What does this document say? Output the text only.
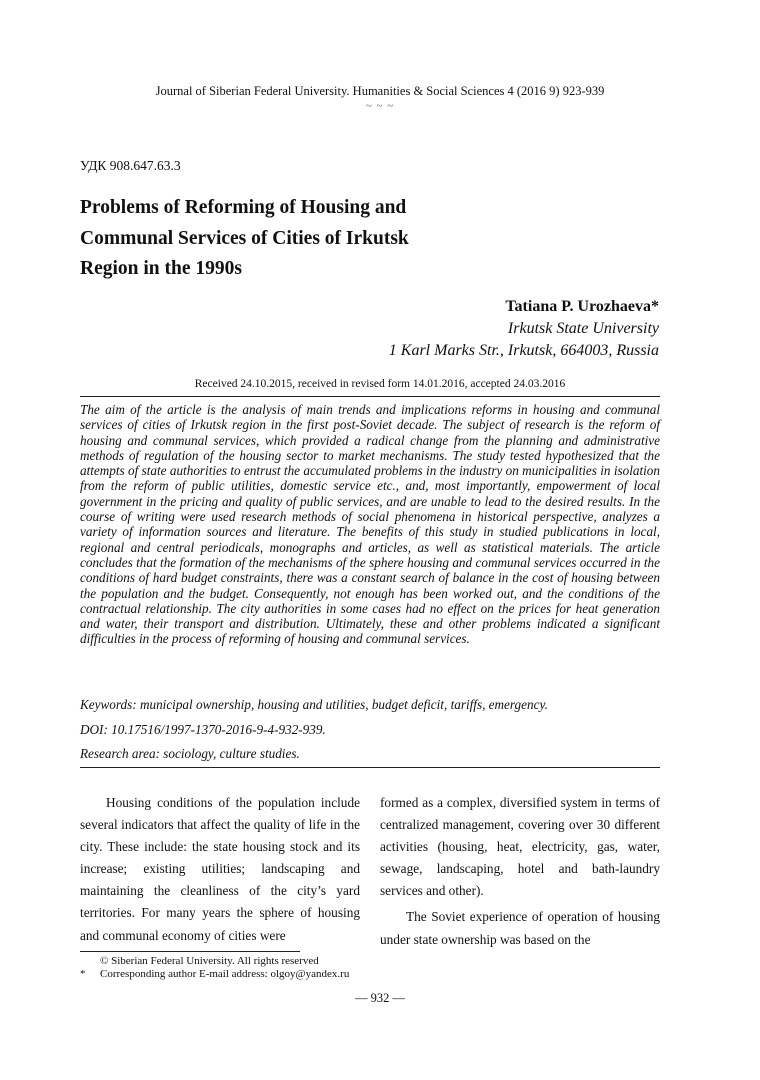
Journal of Siberian Federal University. Humanities & Social Sciences 4 (2016 9) 923-939
~ ~ ~
УДК 908.647.63.3
Problems of Reforming of Housing and Communal Services of Cities of Irkutsk Region in the 1990s
Tatiana P. Urozhaeva*
Irkutsk State University
1 Karl Marks Str., Irkutsk, 664003, Russia
Received 24.10.2015, received in revised form 14.01.2016, accepted 24.03.2016
The aim of the article is the analysis of main trends and implications reforms in housing and communal services of cities of Irkutsk region in the first post-Soviet decade. The subject of research is the reform of housing and communal services, which provided a radical change from the planning and administrative methods of regulation of the housing sector to market mechanisms. The study tested hypothesized that the attempts of state authorities to entrust the accumulated problems in the industry on municipalities in isolation from the reform of public utilities, domestic service etc., and, most importantly, empowerment of local government in the pricing and quality of public services, and are unable to lead to the desired results. In the course of writing were used research methods of social phenomena in historical perspective, analyzes a variety of information sources and literature. The benefits of this study in studied publications in local, regional and central periodicals, monographs and articles, as well as statistical materials. The article concludes that the formation of the mechanisms of the sphere housing and communal services occurred in the conditions of hard budget constraints, there was a constant search of balance in the cost of housing between the population and the budget. Consequently, not enough has been worked out, and the conditions of the contractual relationship. The city authorities in some cases had no effect on the prices for heat generation and water, their transport and distribution. Ultimately, these and other problems indicated a significant difficulties in the process of reforming of housing and communal services.
Keywords: municipal ownership, housing and utilities, budget deficit, tariffs, emergency.
DOI: 10.17516/1997-1370-2016-9-4-932-939.
Research area: sociology, culture studies.

Housing conditions of the population include several indicators that affect the quality of life in the city. These include: the state housing stock and its increase; existing utilities; landscaping and maintaining the cleanliness of the city’s yard territories. For many years the sphere of housing and communal economy of cities were

formed as a complex, diversified system in terms of centralized management, covering over 30 different activities (housing, heat, electricity, gas, water, sewage, landscaping, hotel and bath-laundry services and other).

The Soviet experience of operation of housing under state ownership was based on the

© Siberian Federal University. All rights reserved
* Corresponding author E-mail address: olgoy@yandex.ru
— 932 —
